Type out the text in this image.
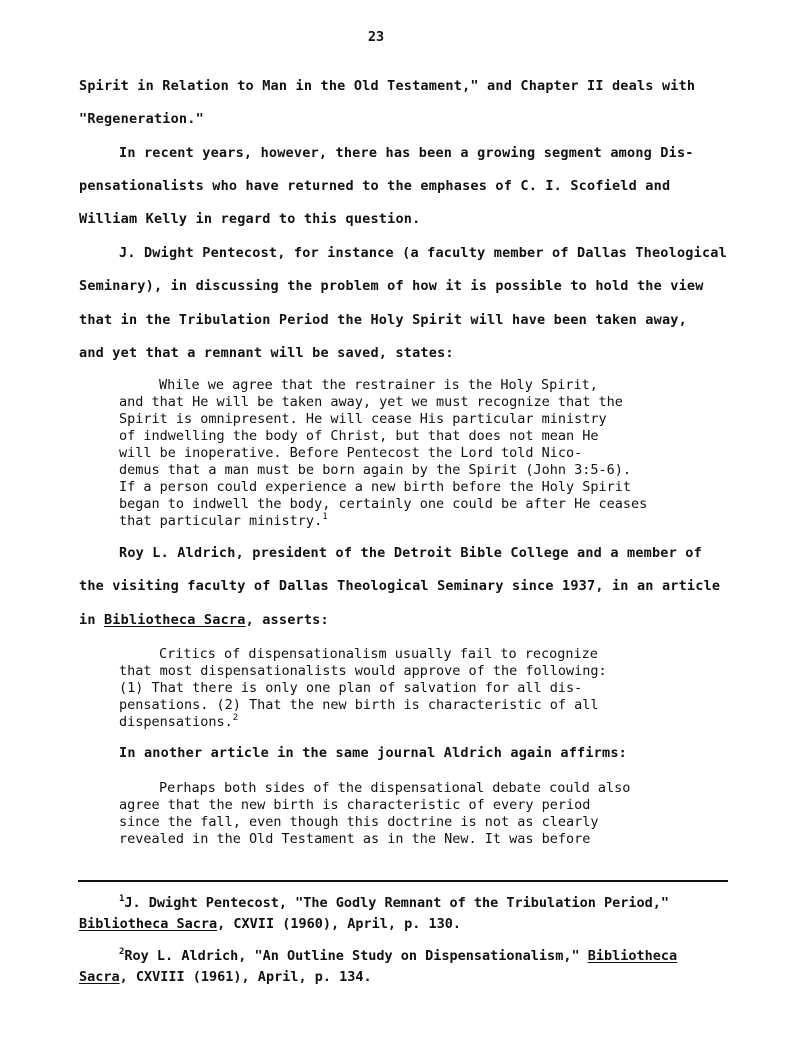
23
Spirit in Relation to Man in the Old Testament," and Chapter II deals with
"Regeneration."
In recent years, however, there has been a growing segment among Dis-
pensationalists who have returned to the emphases of C. I. Scofield and
William Kelly in regard to this question.
J. Dwight Pentecost, for instance (a faculty member of Dallas Theological
Seminary), in discussing the problem of how it is possible to hold the view
that in the Tribulation Period the Holy Spirit will have been taken away,
and yet that a remnant will be saved, states:
While we agree that the restrainer is the Holy Spirit,
and that He will be taken away, yet we must recognize that the
Spirit is omnipresent. He will cease His particular ministry
of indwelling the body of Christ, but that does not mean He
will be inoperative. Before Pentecost the Lord told Nico-
demus that a man must be born again by the Spirit (John 3:5-6).
If a person could experience a new birth before the Holy Spirit
began to indwell the body, certainly one could be after He ceases
that particular ministry.$^1$
Roy L. Aldrich, president of the Detroit Bible College and a member of
the visiting faculty of Dallas Theological Seminary since 1937, in an article
in Bibliotheca Sacra, asserts:
Critics of dispensationalism usually fail to recognize
that most dispensationalists would approve of the following:
(1) That there is only one plan of salvation for all dis-
pensations. (2) That the new birth is characteristic of all
dispensations.$^2$
In another article in the same journal Aldrich again affirms:
Perhaps both sides of the dispensational debate could also
agree that the new birth is characteristic of every period
since the fall, even though this doctrine is not as clearly
revealed in the Old Testament as in the New. It was before
$^1$J. Dwight Pentecost, "The Godly Remnant of the Tribulation Period,"
Bibliotheca Sacra, CXVII (1960), April, p. 130.
$^2$Roy L. Aldrich, "An Outline Study on Dispensationalism," Bibliotheca
Sacra, CXVIII (1961), April, p. 134.
